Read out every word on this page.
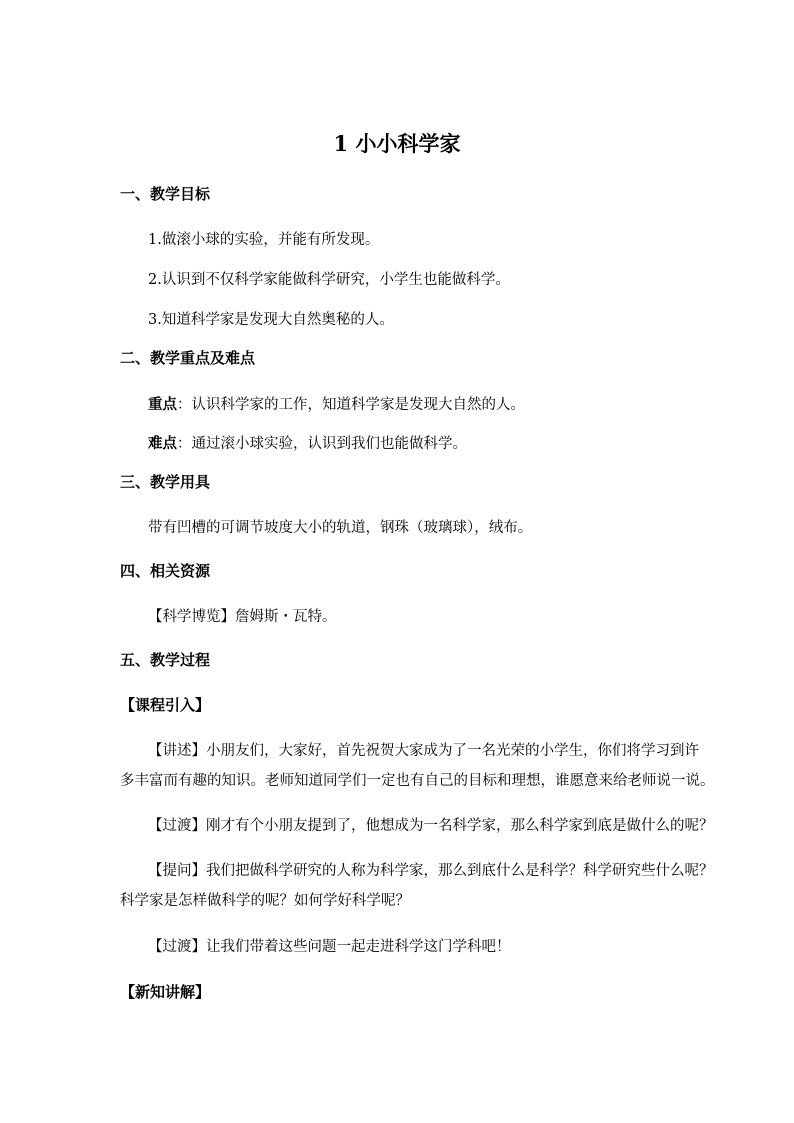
1 小小科学家
一、教学目标
1.做滚小球的实验，并能有所发现。
2.认识到不仅科学家能做科学研究，小学生也能做科学。
3.知道科学家是发现大自然奥秘的人。
二、教学重点及难点
重点：认识科学家的工作，知道科学家是发现大自然的人。
难点：通过滚小球实验，认识到我们也能做科学。
三、教学用具
带有凹槽的可调节坡度大小的轨道，钢珠（玻璃球），绒布。
四、相关资源
【科学博览】詹姆斯・瓦特。
五、教学过程
【课程引入】
【讲述】小朋友们，大家好，首先祝贺大家成为了一名光荣的小学生，你们将学习到许
多丰富而有趣的知识。老师知道同学们一定也有自己的目标和理想，谁愿意来给老师说一说。
【过渡】刚才有个小朋友提到了，他想成为一名科学家，那么科学家到底是做什么的呢？
【提问】我们把做科学研究的人称为科学家，那么到底什么是科学？科学研究些什么呢？
科学家是怎样做科学的呢？如何学好科学呢？
【过渡】让我们带着这些问题一起走进科学这门学科吧！
【新知讲解】
